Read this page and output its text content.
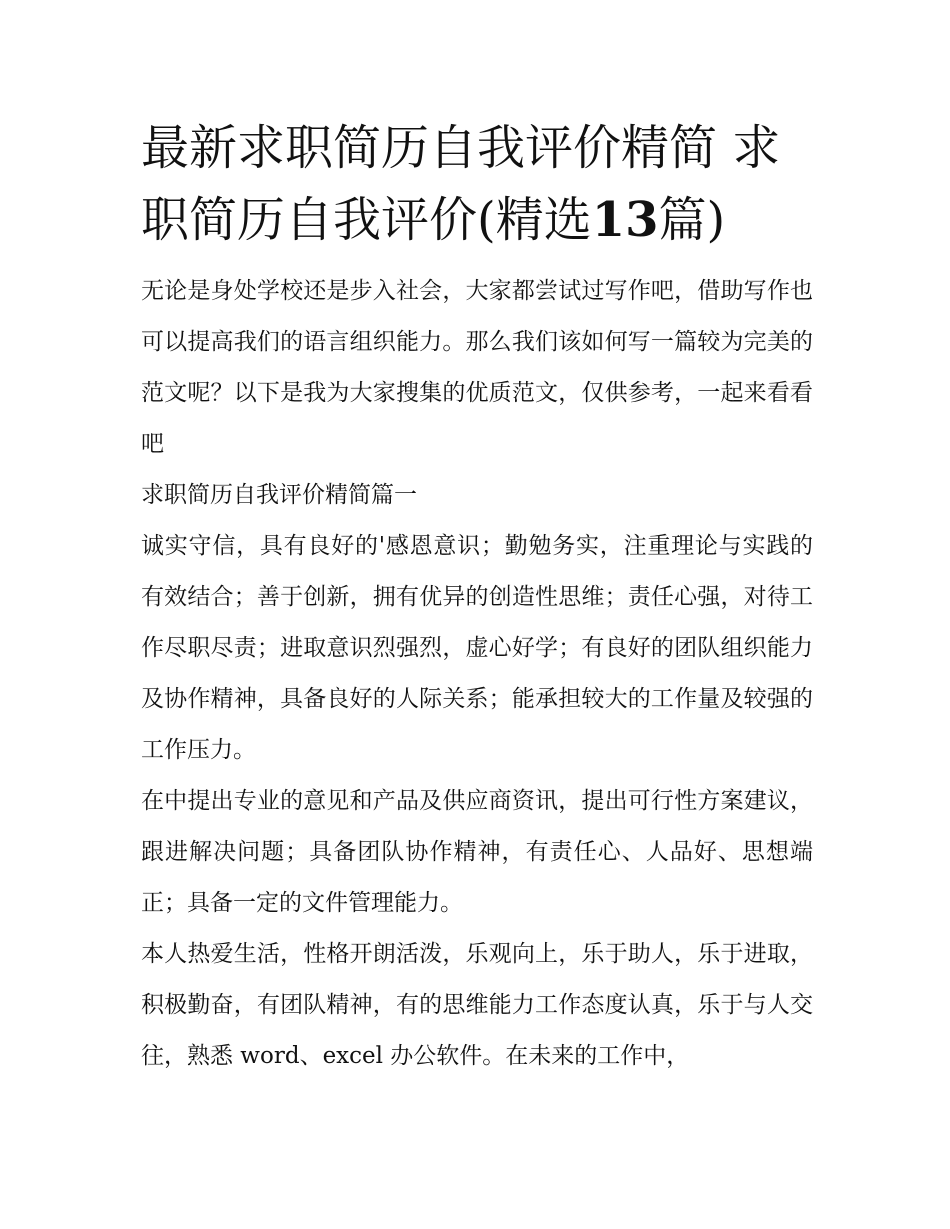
最新求职简历自我评价精简 求职简历自我评价(精选13篇)

无论是身处学校还是步入社会，大家都尝试过写作吧，借助写作也可以提高我们的语言组织能力。那么我们该如何写一篇较为完美的范文呢？以下是我为大家搜集的优质范文，仅供参考，一起来看看吧

求职简历自我评价精简篇一

诚实守信，具有良好的'感恩意识；勤勉务实，注重理论与实践的有效结合；善于创新，拥有优异的创造性思维；责任心强，对待工作尽职尽责；进取意识烈强烈，虚心好学；有良好的团队组织能力及协作精神，具备良好的人际关系；能承担较大的工作量及较强的工作压力。

在中提出专业的意见和产品及供应商资讯，提出可行性方案建议，跟进解决问题；具备团队协作精神，有责任心、人品好、思想端正；具备一定的文件管理能力。

本人热爱生活，性格开朗活泼，乐观向上，乐于助人，乐于进取，积极勤奋，有团队精神，有的思维能力工作态度认真，乐于与人交往，熟悉 word、excel 办公软件。在未来的工作中，
